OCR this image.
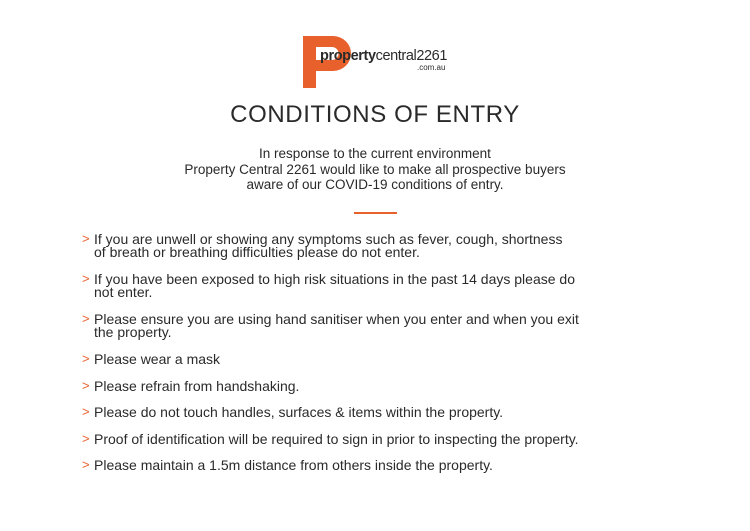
propertycentral2261
.com.au
CONDITIONS OF ENTRY
In response to the current environment
Property Central 2261 would like to make all prospective buyers
aware of our COVID-19 conditions of entry.
> If you are unwell or showing any symptoms such as fever, cough, shortness
of breath or breathing difficulties please do not enter.
> If you have been exposed to high risk situations in the past 14 days please do
not enter.
> Please ensure you are using hand sanitiser when you enter and when you exit
the property.
> Please wear a mask
> Please refrain from handshaking.
> Please do not touch handles, surfaces & items within the property.
> Proof of identification will be required to sign in prior to inspecting the property.
> Please maintain a 1.5m distance from others inside the property.
